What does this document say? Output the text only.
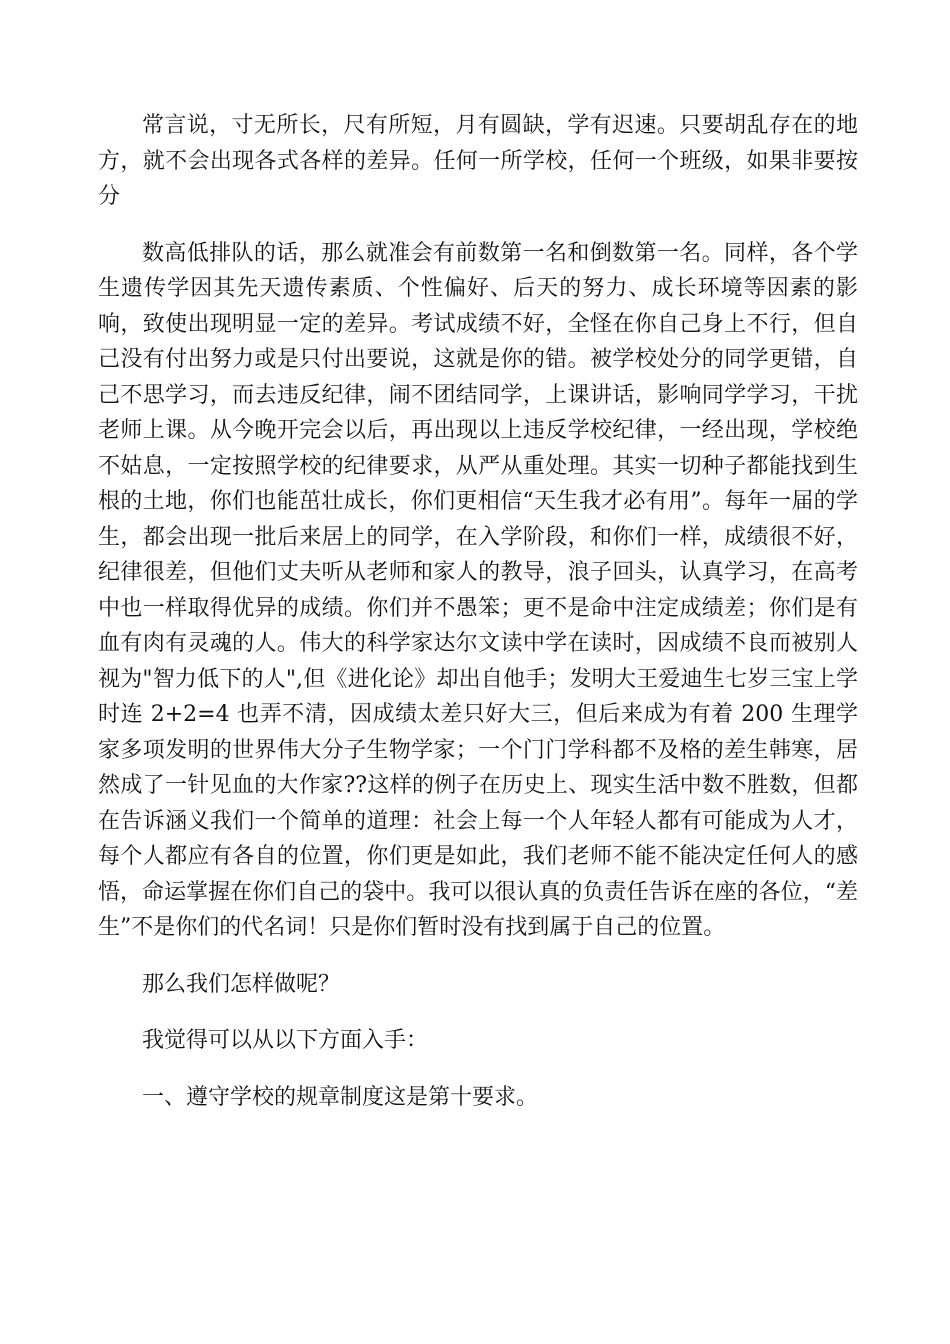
常言说，寸无所长，尺有所短，月有圆缺，学有迟速。只要胡乱存在的地方，就不会出现各式各样的差异。任何一所学校，任何一个班级，如果非要按分

数高低排队的话，那么就准会有前数第一名和倒数第一名。同样，各个学生遗传学因其先天遗传素质、个性偏好、后天的努力、成长环境等因素的影响，致使出现明显一定的差异。考试成绩不好，全怪在你自己身上不行，但自己没有付出努力或是只付出要说，这就是你的错。被学校处分的同学更错，自己不思学习，而去违反纪律，闹不团结同学，上课讲话，影响同学学习，干扰老师上课。从今晚开完会以后，再出现以上违反学校纪律，一经出现，学校绝不姑息，一定按照学校的纪律要求，从严从重处理。其实一切种子都能找到生根的土地，你们也能茁壮成长，你们更相信“天生我才必有用”。每年一届的学生，都会出现一批后来居上的同学，在入学阶段，和你们一样，成绩很不好，纪律很差，但他们丈夫听从老师和家人的教导，浪子回头，认真学习，在高考中也一样取得优异的成绩。你们并不愚笨；更不是命中注定成绩差；你们是有血有肉有灵魂的人。伟大的科学家达尔文读中学在读时，因成绩不良而被别人视为"智力低下的人",但《进化论》却出自他手；发明大王爱迪生七岁三宝上学时连 2+2=4 也弄不清，因成绩太差只好大三，但后来成为有着 200 生理学家多项发明的世界伟大分子生物学家；一个门门学科都不及格的差生韩寒，居然成了一针见血的大作家??这样的例子在历史上、现实生活中数不胜数，但都在告诉涵义我们一个简单的道理：社会上每一个人年轻人都有可能成为人才，每个人都应有各自的位置，你们更是如此，我们老师不能不能决定任何人的感悟，命运掌握在你们自己的袋中。我可以很认真的负责任告诉在座的各位，“差生”不是你们的代名词！只是你们暂时没有找到属于自己的位置。

那么我们怎样做呢？

我觉得可以从以下方面入手：

一、遵守学校的规章制度这是第十要求。
